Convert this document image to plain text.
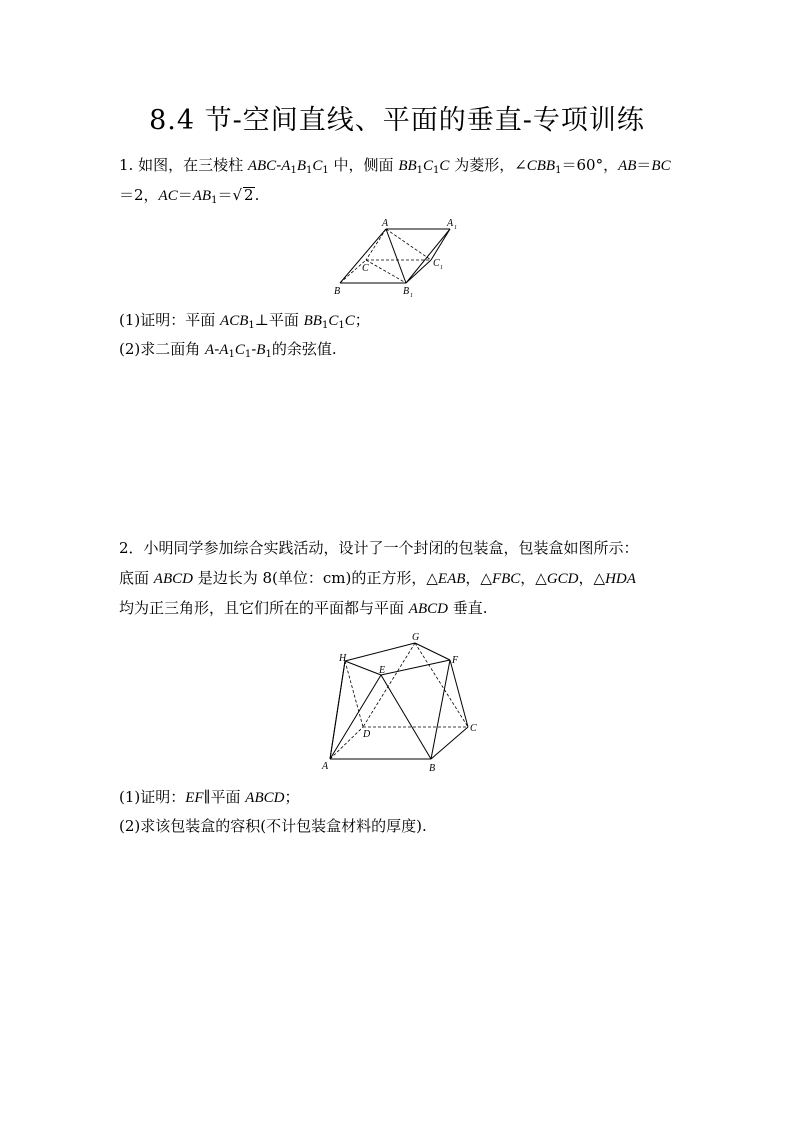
8.4 节-空间直线、平面的垂直-专项训练
1. 如图，在三棱柱 ABC-$A_1B_1C_1$ 中，侧面 $BB_1C_1C$ 为菱形，$\angle CBB_1=60^\circ$，AB＝BC
＝2，$AC=AB_1=√$ 2.
A	A 1
C	C 1
B	B 1
(1)证明：平面 $ACB_1\perp$平面 $BB_1C_1C$；
(2)求二面角 $A-A_1C_1-B_1$的余弦值.
2．小明同学参加综合实践活动，设计了一个封闭的包装盒，包装盒如图所示：
底面 ABCD 是边长为 8(单位：cm)的正方形，△EAB，△FBC，△GCD，△HDA
均为正三角形，且它们所在的平面都与平面 ABCD 垂直.
G
H
E
F
D
C
A	B
(1)证明：EF∥平面 ABCD；
(2)求该包装盒的容积(不计包装盒材料的厚度).
